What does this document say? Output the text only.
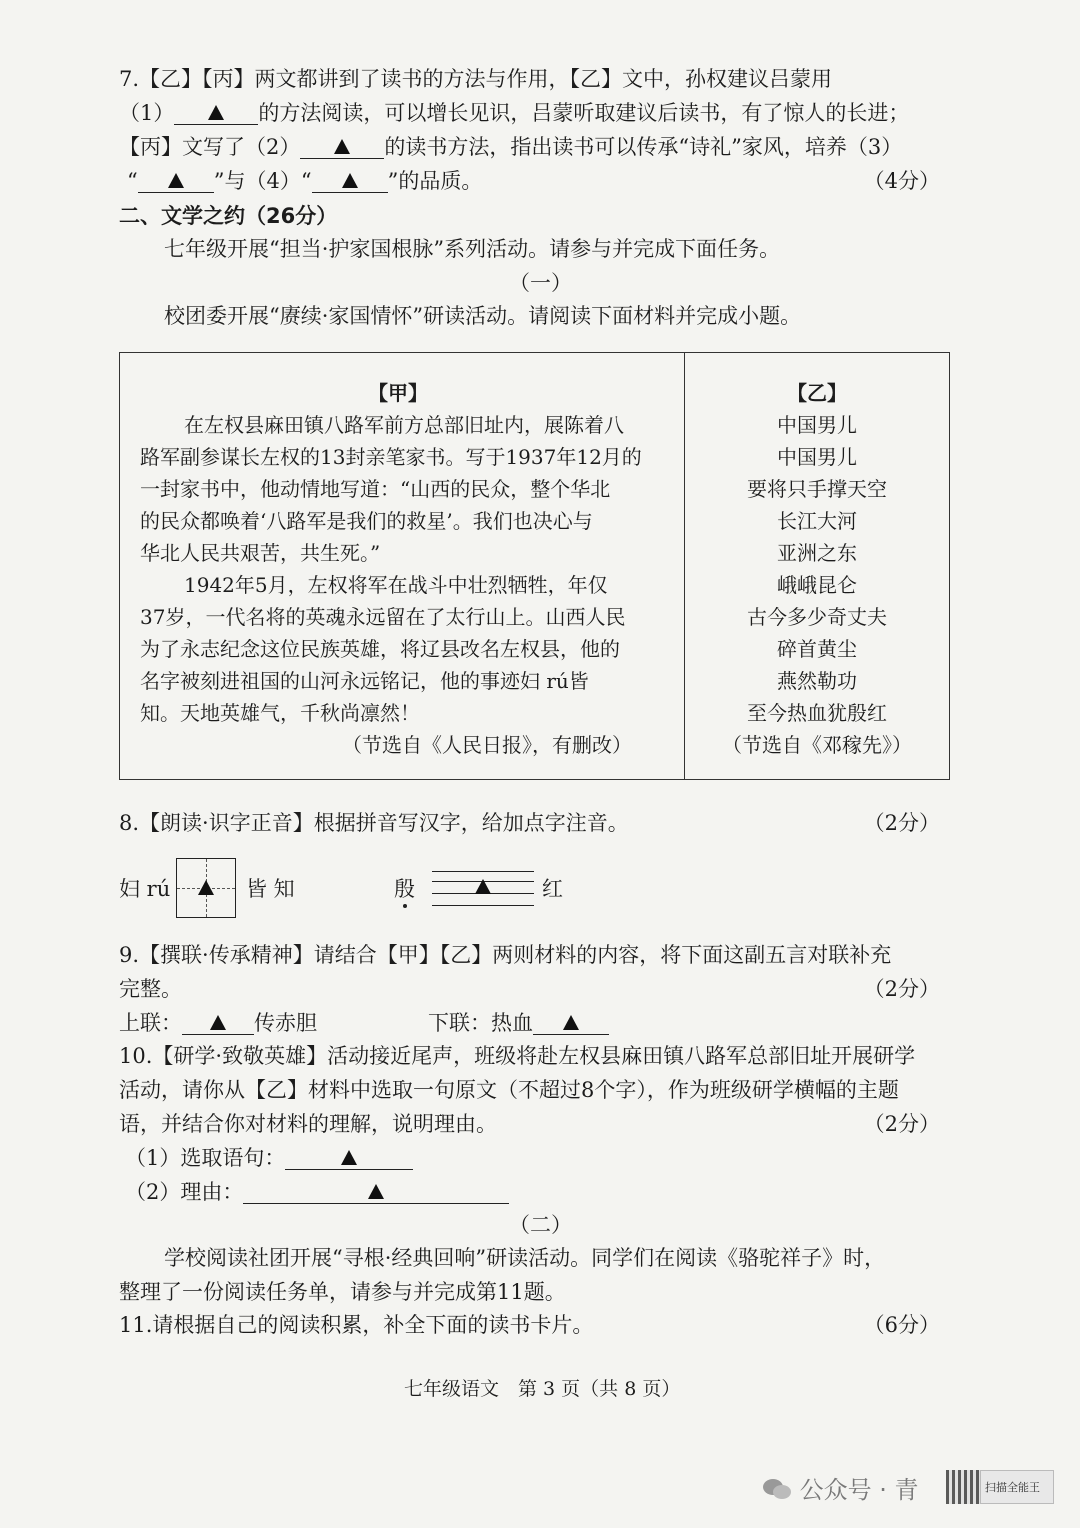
7.【乙】【丙】两文都讲到了读书的方法与作用，【乙】文中，孙权建议吕蒙用
（1）	的方法阅读，可以增长见识，吕蒙听取建议后读书，有了惊人的长进；
【丙】文写了（2）	的读书方法，指出读书可以传承“诗礼”家风，培养（3）
“	”与（4）“	”的品质。	（4分）
二、文学之约（26分）
七年级开展“担当·护家国根脉”系列活动。请参与并完成下面任务。
（一）
校团委开展“赓续·家国情怀”研读活动。请阅读下面材料并完成小题。
【甲】
在左权县麻田镇八路军前方总部旧址内，展陈着八
路军副参谋长左权的13封亲笔家书。写于1937年12月的
一封家书中，他动情地写道：“山西的民众，整个华北
的民众都唤着‘八路军是我们的救星’。我们也决心与
华北人民共艰苦，共生死。”
1942年5月，左权将军在战斗中壮烈牺牲，年仅
37岁，一代名将的英魂永远留在了太行山上。山西人民
为了永志纪念这位民族英雄，将辽县改名左权县，他的
名字被刻进祖国的山河永远铭记，他的事迹妇 rú皆
知。天地英雄气，千秋尚凛然！
（节选自《人民日报》，有删改）
【乙】
中国男儿
中国男儿
要将只手撑天空
长江大河
亚洲之东
峨峨昆仑
古今多少奇丈夫
碎首黄尘
燕然勒功
至今热血犹殷红
（节选自《邓稼先》）
8.【朗读·识字正音】根据拼音写汉字，给加点字注音。	（2分）
妇 rú	皆 知	殷	红
9.【撰联·传承精神】请结合【甲】【乙】两则材料的内容，将下面这副五言对联补充
完整。	（2分）
上联：	传赤胆	下联：热血
10.【研学·致敬英雄】活动接近尾声，班级将赴左权县麻田镇八路军总部旧址开展研学
活动，请你从【乙】材料中选取一句原文（不超过8个字），作为班级研学横幅的主题
语，并结合你对材料的理解，说明理由。	（2分）
（1）选取语句：
（2）理由：
（二）
学校阅读社团开展“寻根·经典回响”研读活动。同学们在阅读《骆驼祥子》时，
整理了一份阅读任务单，请参与并完成第11题。
11.请根据自己的阅读积累，补全下面的读书卡片。	（6分）
七年级语文　第 3 页（共 8 页）
公众号 · 青	扫描全能王
